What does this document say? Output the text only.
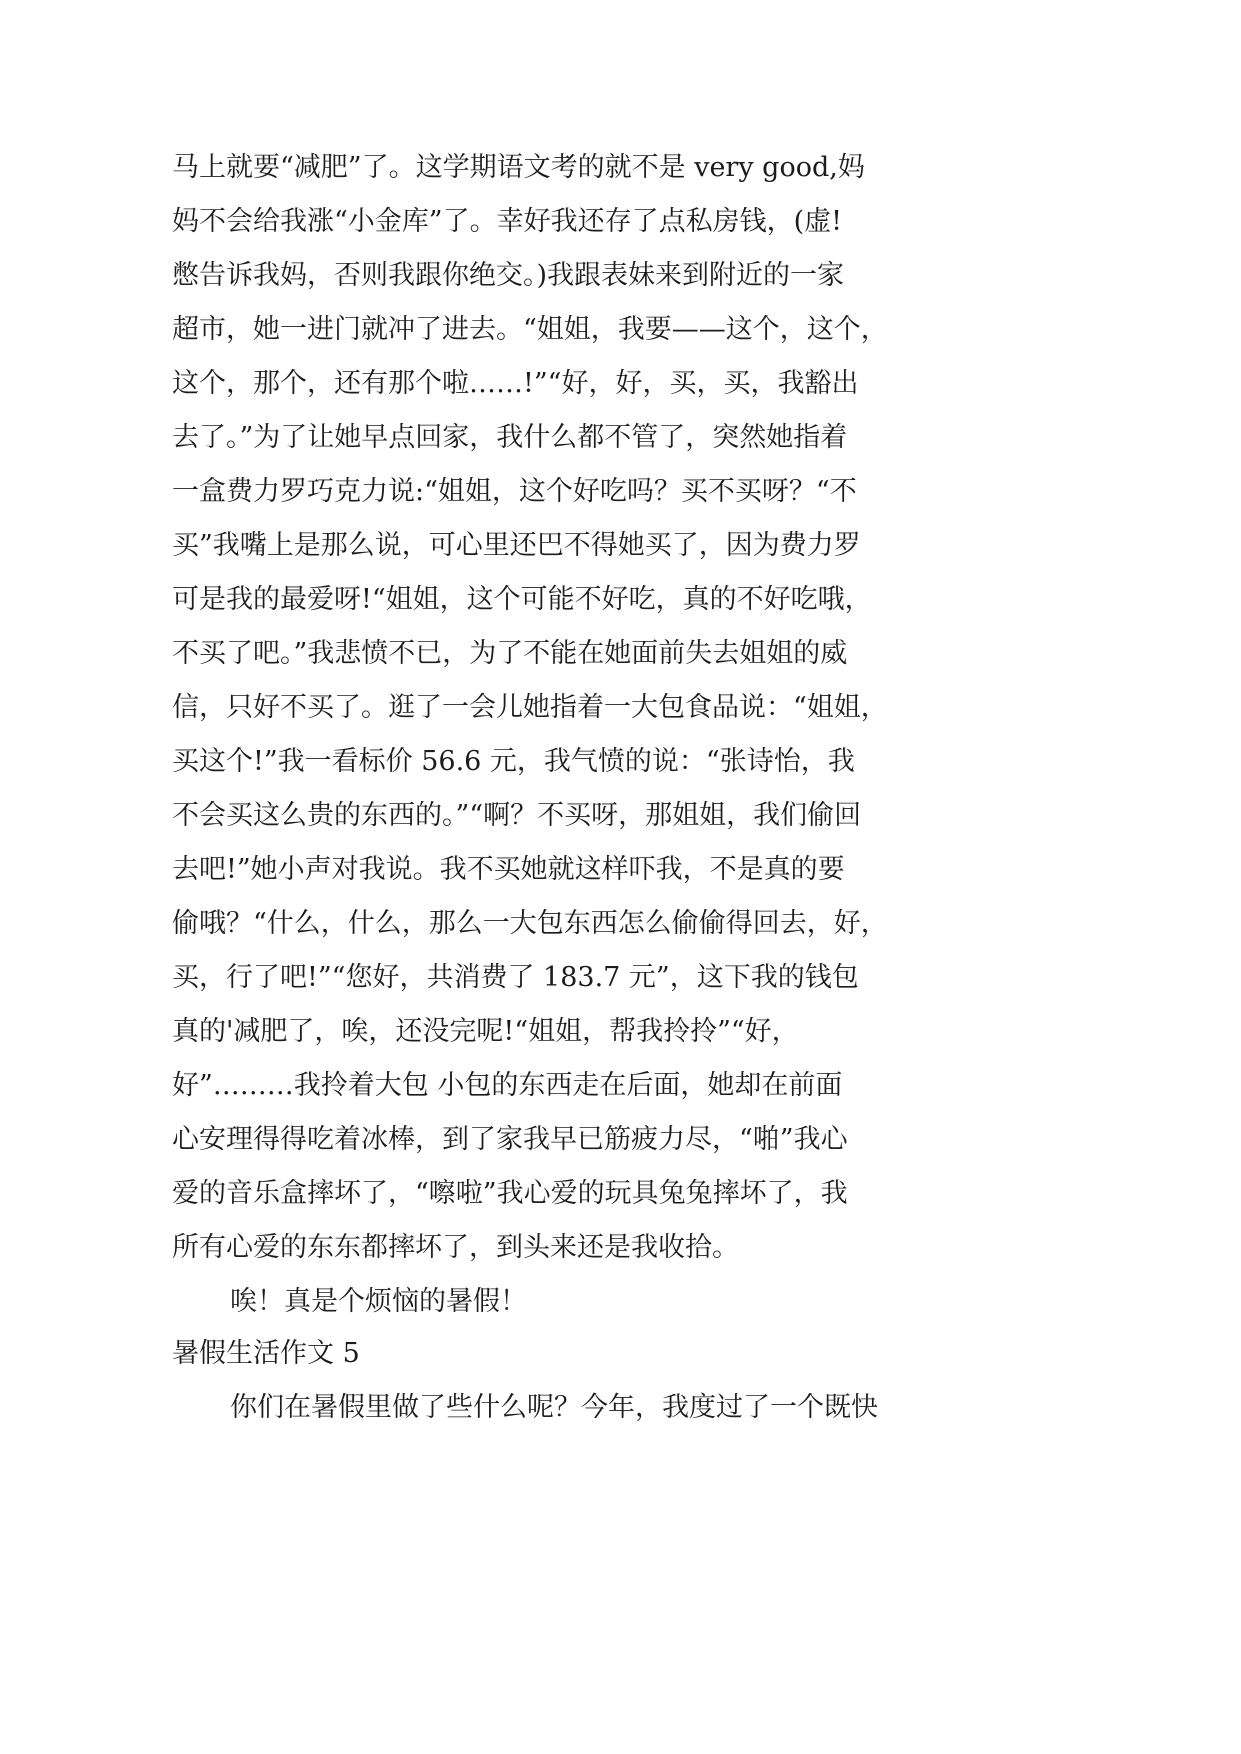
马上就要“减肥”了。这学期语文考的就不是 very good,妈
妈不会给我涨“小金库”了。幸好我还存了点私房钱，(虚!
憋告诉我妈，否则我跟你绝交。)我跟表妹来到附近的一家
超市，她一进门就冲了进去。“姐姐，我要——这个，这个，
这个，那个，还有那个啦……!”“好，好，买，买，我豁出
去了。”为了让她早点回家，我什么都不管了，突然她指着
一盒费力罗巧克力说:“姐姐，这个好吃吗？买不买呀？“不
买”我嘴上是那么说，可心里还巴不得她买了，因为费力罗
可是我的最爱呀!“姐姐，这个可能不好吃，真的不好吃哦，
不买了吧。”我悲愤不已，为了不能在她面前失去姐姐的威
信，只好不买了。逛了一会儿她指着一大包食品说：“姐姐，
买这个!”我一看标价 56.6 元，我气愤的说：“张诗怡，我
不会买这么贵的东西的。”“啊？不买呀，那姐姐，我们偷回
去吧!”她小声对我说。我不买她就这样吓我，不是真的要
偷哦？“什么，什么，那么一大包东西怎么偷偷得回去，好，
买，行了吧!”“您好，共消费了 183.7 元”，这下我的钱包
真的'减肥了，唉，还没完呢!“姐姐，帮我拎拎”“好，
好”………我拎着大包 小包的东西走在后面，她却在前面
心安理得得吃着冰棒，到了家我早已筋疲力尽，“啪”我心
爱的音乐盒摔坏了，“嚓啦”我心爱的玩具兔兔摔坏了，我
所有心爱的东东都摔坏了，到头来还是我收拾。
唉！真是个烦恼的暑假！
暑假生活作文 5
你们在暑假里做了些什么呢？今年，我度过了一个既快
